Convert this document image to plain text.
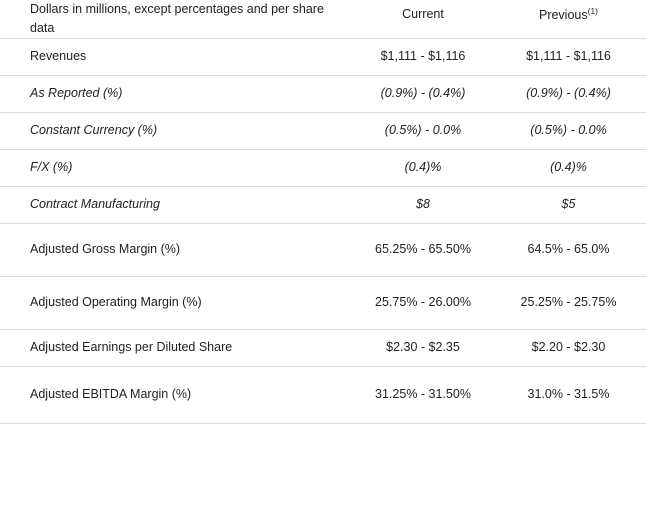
Dollars in millions, except percentages and per share data	Current	Previous$^{(1)}$
Revenues	$1,111 - $1,116	$1,111 - $1,116
As Reported (%)	(0.9%) - (0.4%)	(0.9%) - (0.4%)
Constant Currency (%)	(0.5%) - 0.0%	(0.5%) - 0.0%
F/X (%)	(0.4)%	(0.4)%
Contract Manufacturing	$8	$5
Adjusted Gross Margin (%)	65.25% - 65.50%	64.5% - 65.0%
Adjusted Operating Margin (%)	25.75% - 26.00%	25.25% - 25.75%
Adjusted Earnings per Diluted Share	$2.30 - $2.35	$2.20 - $2.30
Adjusted EBITDA Margin (%)	31.25% - 31.50%	31.0% - 31.5%
